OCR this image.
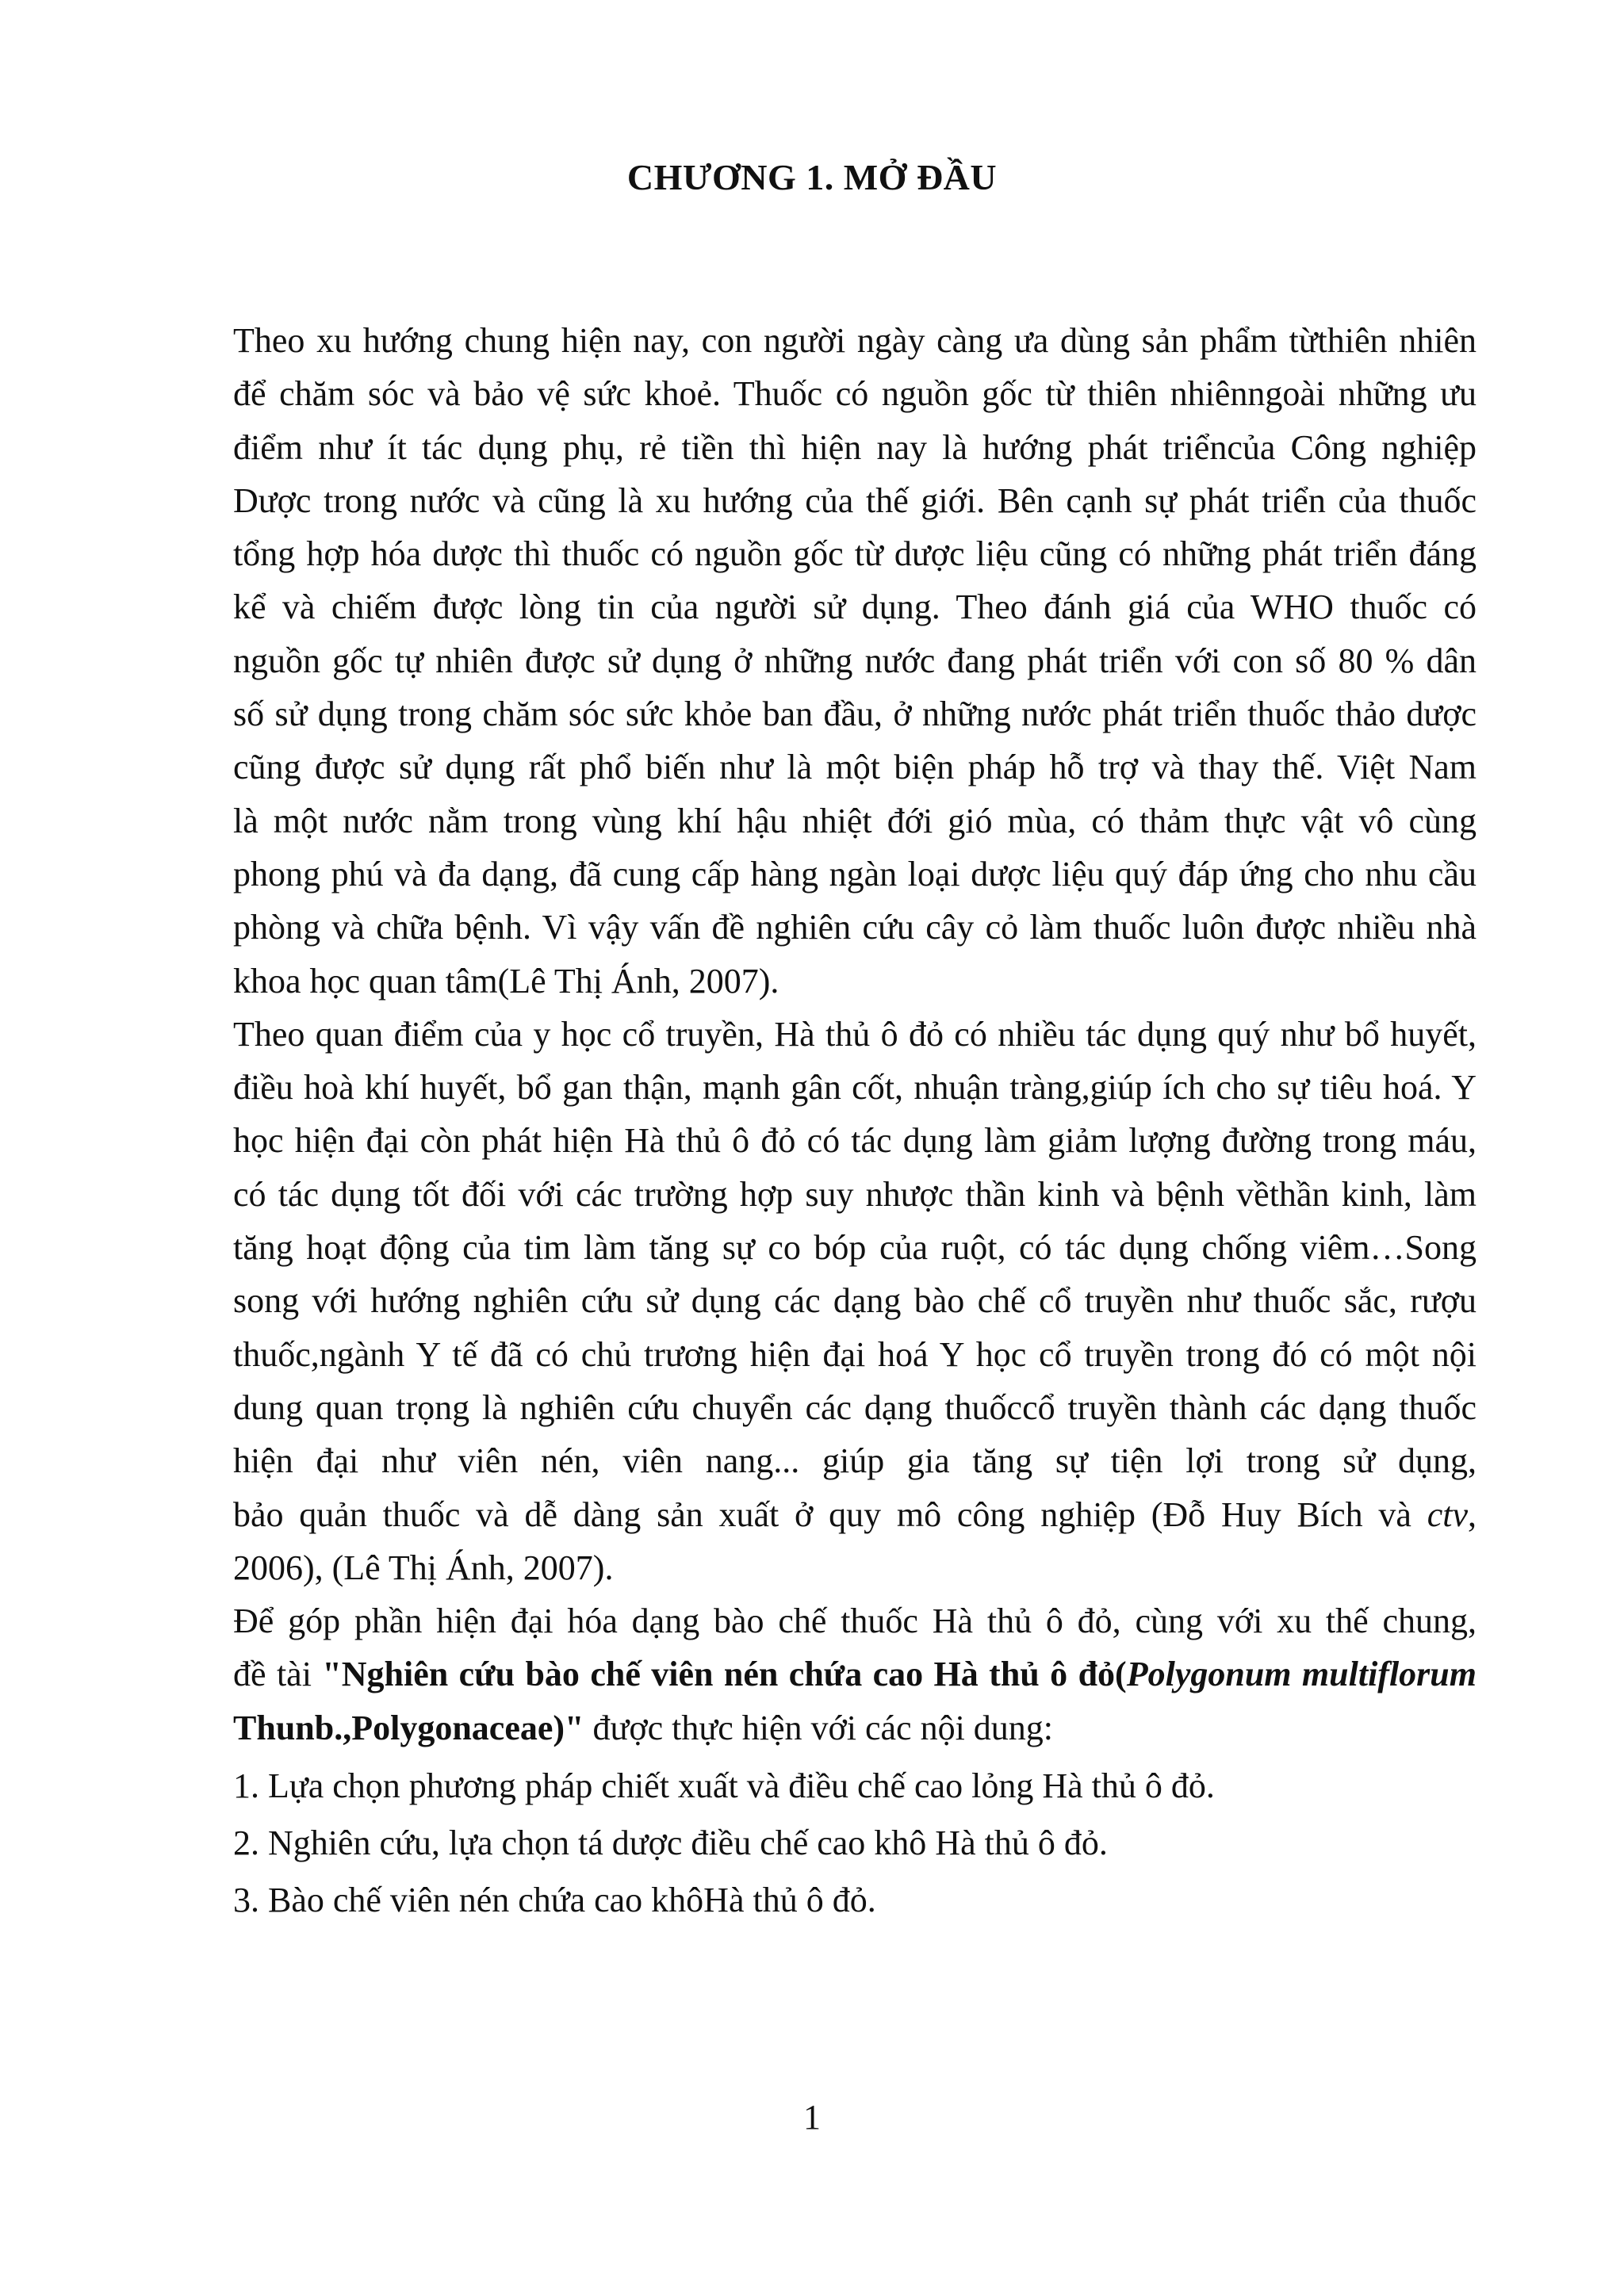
CHƯƠNG 1. MỞ ĐẦU

Theo xu hướng chung hiện nay, con người ngày càng ưa dùng sản phẩm từthiên nhiên
để chăm sóc và bảo vệ sức khoẻ. Thuốc có nguồn gốc từ thiên nhiênngoài những ưu
điểm như ít tác dụng phụ, rẻ tiền thì hiện nay là hướng phát triểncủa Công nghiệp
Dược trong nước và cũng là xu hướng của thế giới. Bên cạnh sự phát triển của thuốc
tổng hợp hóa dược thì thuốc có nguồn gốc từ dược liệu cũng có những phát triển đáng
kể và chiếm được lòng tin của người sử dụng. Theo đánh giá của WHO thuốc có
nguồn gốc tự nhiên được sử dụng ở những nước đang phát triển với con số 80 % dân
số sử dụng trong chăm sóc sức khỏe ban đầu, ở những nước phát triển thuốc thảo dược
cũng được sử dụng rất phổ biến như là một biện pháp hỗ trợ và thay thế. Việt Nam
là một nước nằm trong vùng khí hậu nhiệt đới gió mùa, có thảm thực vật vô cùng
phong phú và đa dạng, đã cung cấp hàng ngàn loại dược liệu quý đáp ứng cho nhu cầu
phòng và chữa bệnh. Vì vậy vấn đề nghiên cứu cây cỏ làm thuốc luôn được nhiều nhà
khoa học quan tâm(Lê Thị Ánh, 2007).

Theo quan điểm của y học cổ truyền, Hà thủ ô đỏ có nhiều tác dụng quý như bổ huyết,
điều hoà khí huyết, bổ gan thận, mạnh gân cốt, nhuận tràng,giúp ích cho sự tiêu hoá. Y
học hiện đại còn phát hiện Hà thủ ô đỏ có tác dụng làm giảm lượng đường trong máu,
có tác dụng tốt đối với các trường hợp suy nhược thần kinh và bệnh vềthần kinh, làm
tăng hoạt động của tim làm tăng sự co bóp của ruột, có tác dụng chống viêm…Song
song với hướng nghiên cứu sử dụng các dạng bào chế cổ truyền như thuốc sắc, rượu
thuốc,ngành Y tế đã có chủ trương hiện đại hoá Y học cổ truyền trong đó có một nội
dung quan trọng là nghiên cứu chuyển các dạng thuốccổ truyền thành các dạng thuốc
hiện đại như viên nén, viên nang... giúp gia tăng sự tiện lợi trong sử dụng,
bảo quản thuốc và dễ dàng sản xuất ở quy mô công nghiệp (Đỗ Huy Bích và ctv,
2006), (Lê Thị Ánh, 2007).

Để góp phần hiện đại hóa dạng bào chế thuốc Hà thủ ô đỏ, cùng với xu thế chung,
đề tài "Nghiên cứu bào chế viên nén chứa cao Hà thủ ô đỏ(Polygonum multiflorum
Thunb.,Polygonaceae)" được thực hiện với các nội dung:

1. Lựa chọn phương pháp chiết xuất và điều chế cao lỏng Hà thủ ô đỏ.
2. Nghiên cứu, lựa chọn tá dược điều chế cao khô Hà thủ ô đỏ.
3. Bào chế viên nén chứa cao khôHà thủ ô đỏ.
1
